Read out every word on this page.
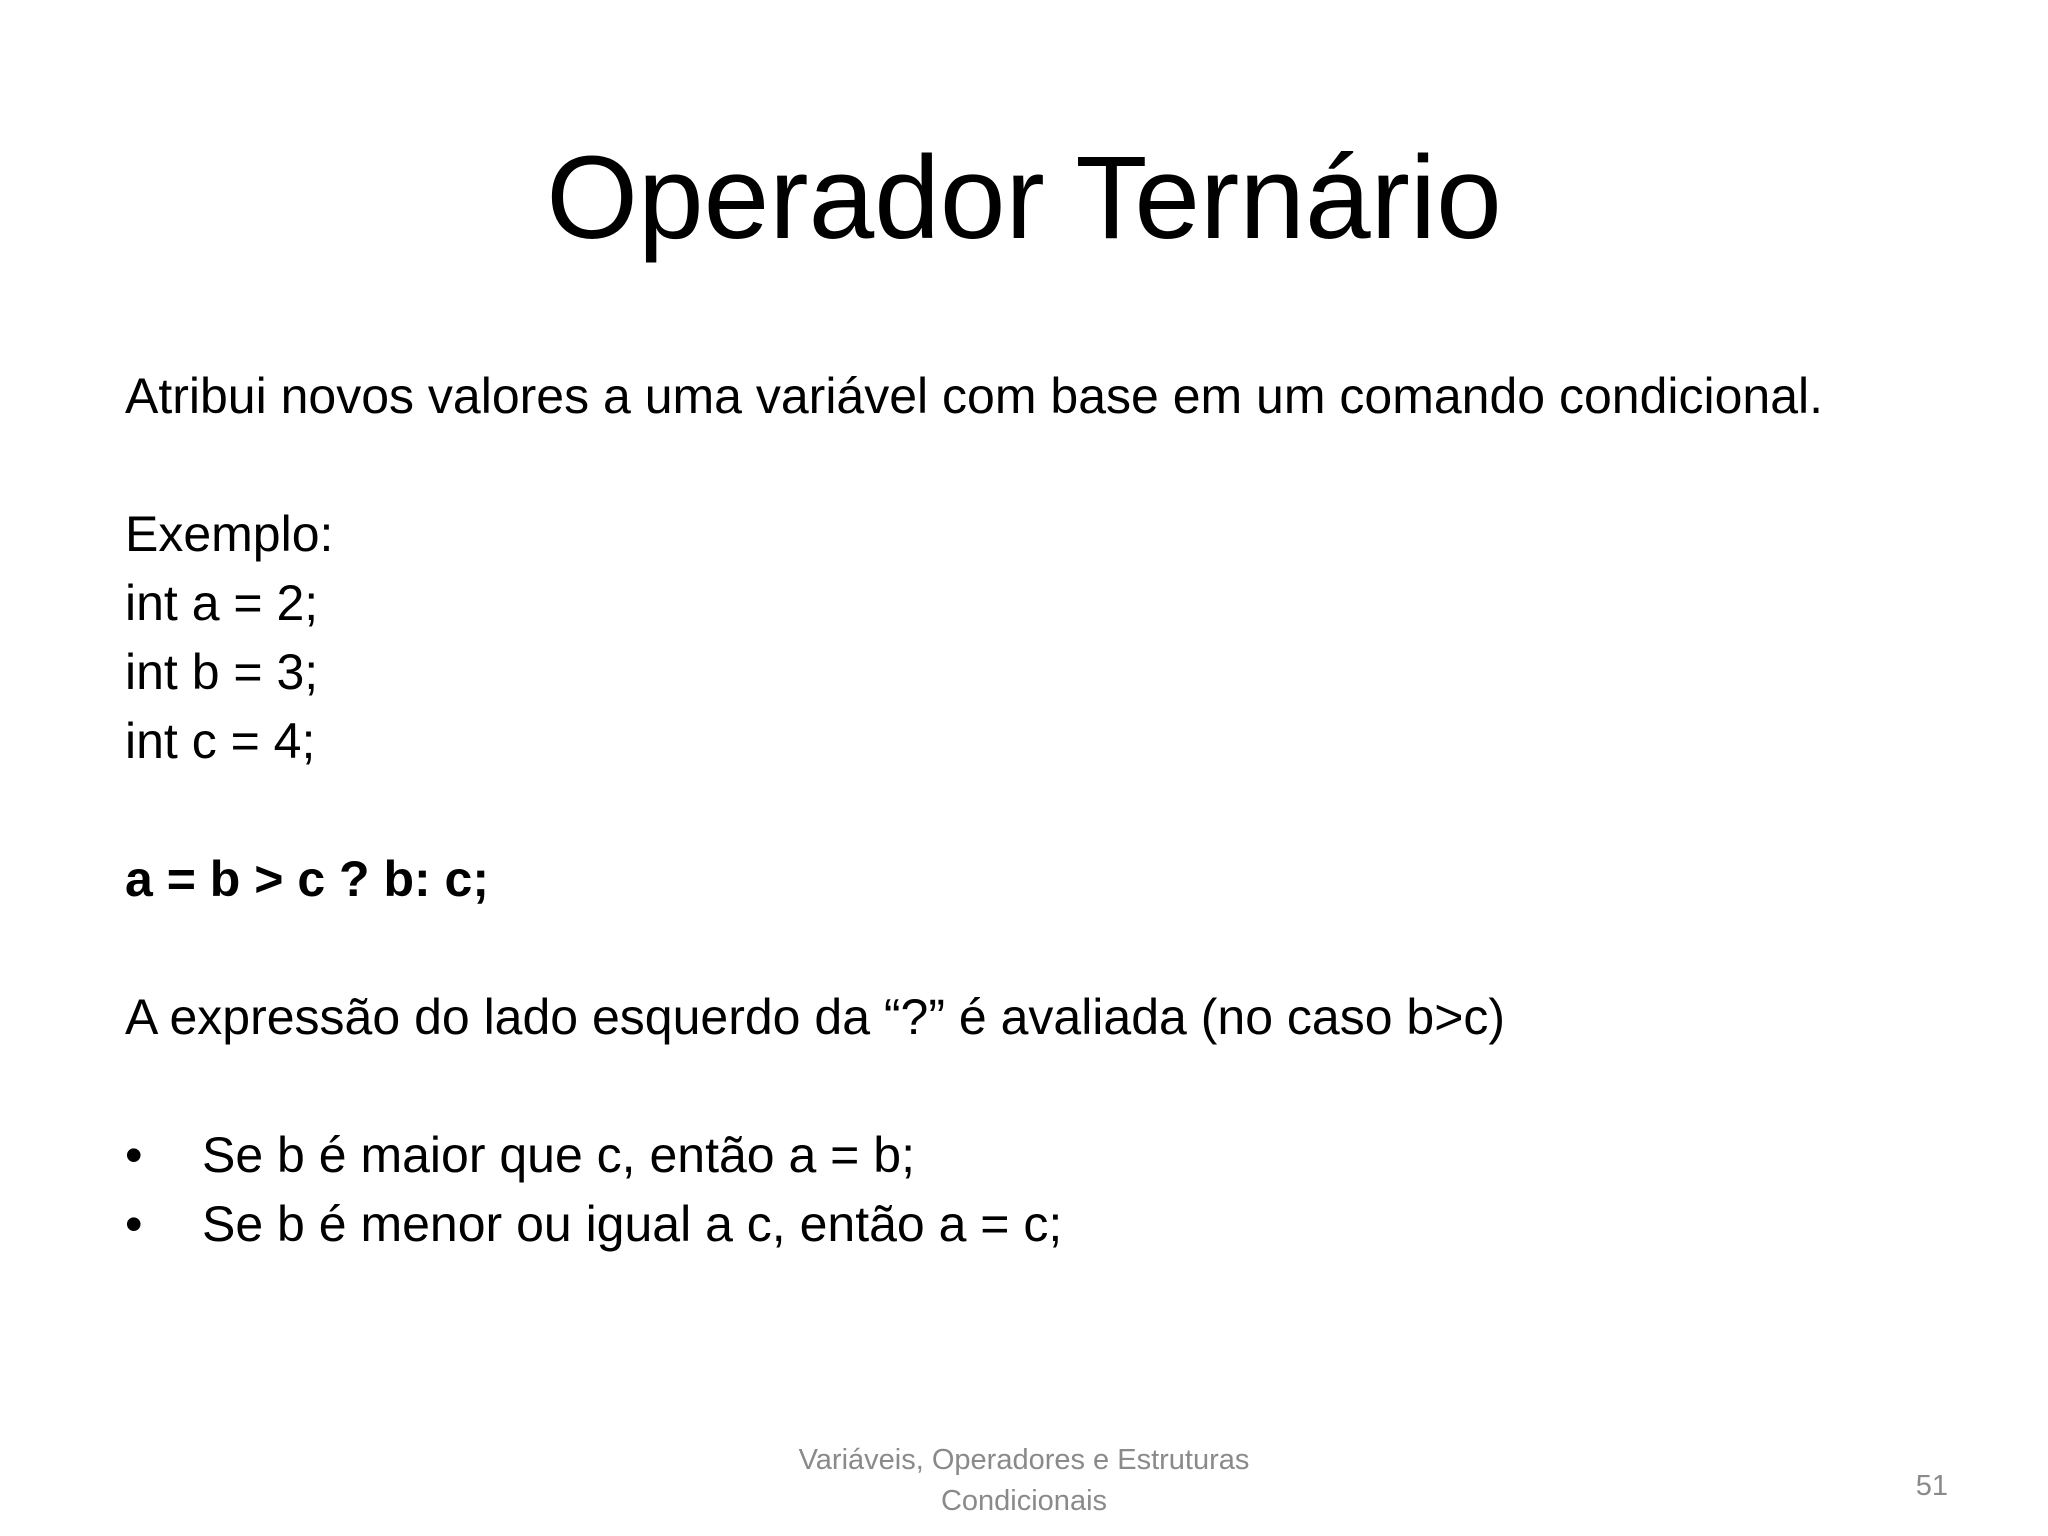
Operador Ternário
Atribui novos valores a uma variável com base em um comando condicional.
Exemplo:
int a = 2;
int b = 3;
int c = 4;
a = b > c ? b: c;
A expressão do lado esquerdo da “?” é avaliada (no caso b>c)
•	Se b é maior que c, então a = b;
•	Se b é menor ou igual a c, então a = c;
Variáveis, Operadores e Estruturas
Condicionais	51
